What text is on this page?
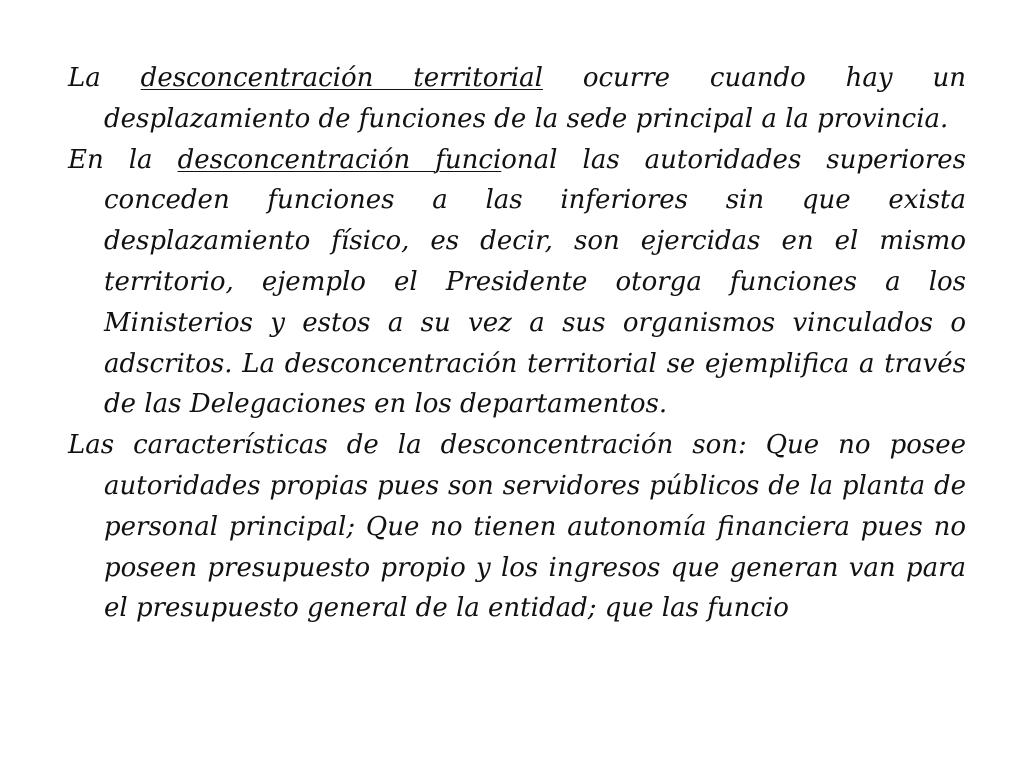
La desconcentración territorial ocurre cuando hay un desplazamiento de funciones de la sede principal a la provincia.

En la desconcentración funcional las autoridades superiores conceden funciones a las inferiores sin que exista desplazamiento físico, es decir, son ejercidas en el mismo territorio, ejemplo el Presidente otorga funciones a los Ministerios y estos a su vez a sus organismos vinculados o adscritos. La desconcentración territorial se ejemplifica a través de las Delegaciones en los departamentos.

Las características de la desconcentración son: Que no posee autoridades propias pues son servidores públicos de la planta de personal principal; Que no tienen autonomía financiera pues no poseen presupuesto propio y los ingresos que generan van para el presupuesto general de la entidad; que las funcio
